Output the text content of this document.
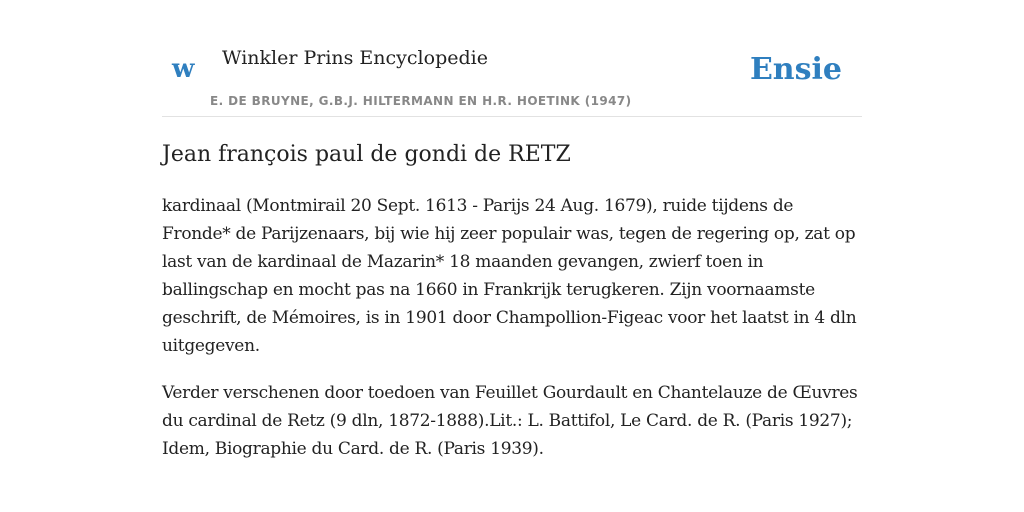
w Winkler Prins Encyclopedie
E. DE BRUYNE, G.B.J. HILTERMANN EN H.R. HOETINK (1947)
Ensie
Jean françois paul de gondi de RETZ

kardinaal (Montmirail 20 Sept. 1613 - Parijs 24 Aug. 1679), ruide tijdens de Fronde* de Parijzenaars, bij wie hij zeer populair was, tegen de regering op, zat op last van de kardinaal de Mazarin* 18 maanden gevangen, zwierf toen in ballingschap en mocht pas na 1660 in Frankrijk terugkeren. Zijn voornaamste geschrift, de Mémoires, is in 1901 door Champollion-Figeac voor het laatst in 4 dln uitgegeven.

Verder verschenen door toedoen van Feuillet Gourdault en Chantelauze de Œuvres du cardinal de Retz (9 dln, 1872-1888).Lit.: L. Battifol, Le Card. de R. (Paris 1927); Idem, Biographie du Card. de R. (Paris 1939).
